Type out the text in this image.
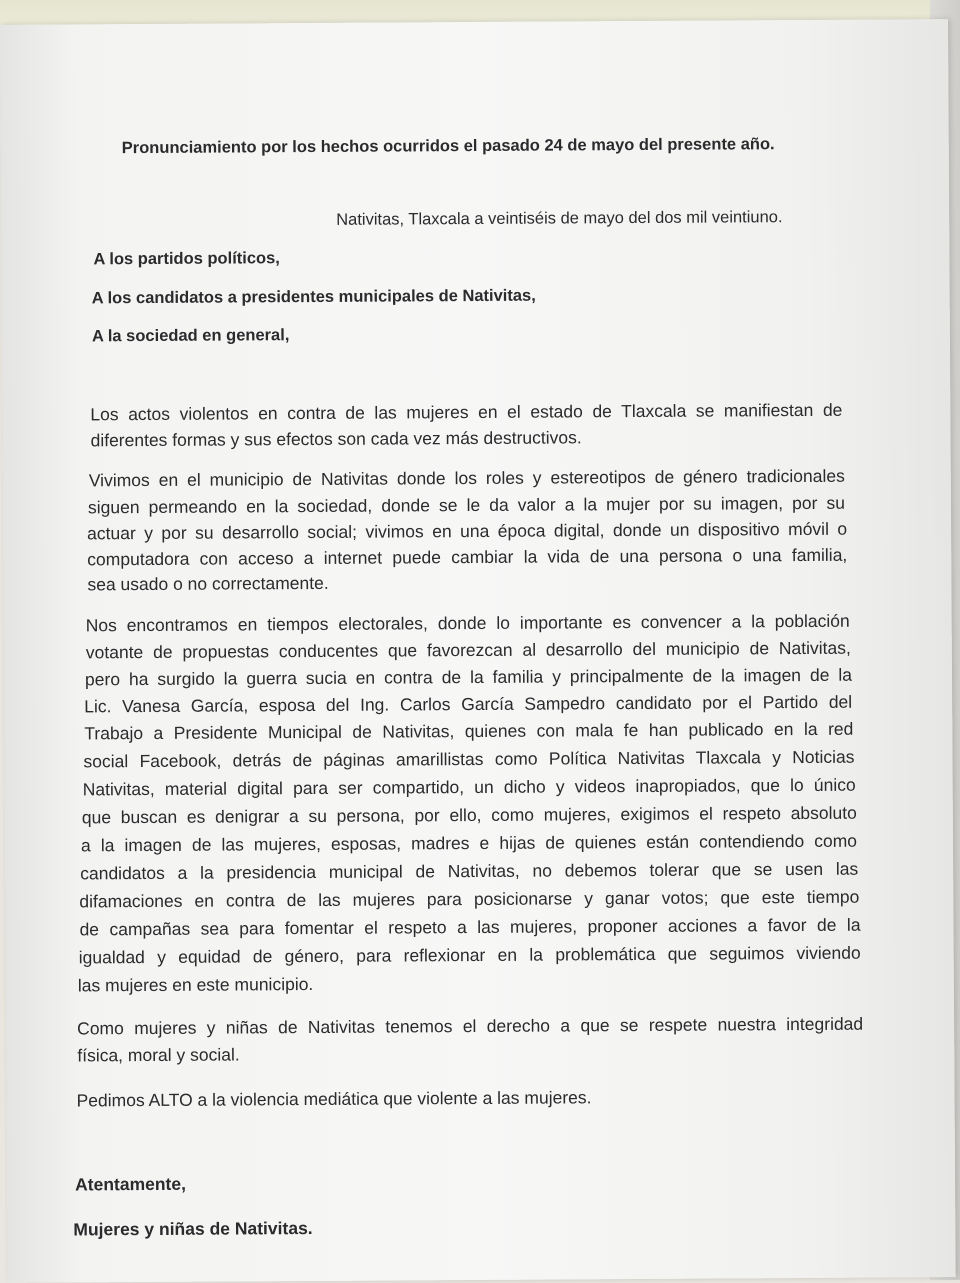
Pronunciamiento por los hechos ocurridos el pasado 24 de mayo del presente año.
Nativitas, Tlaxcala a veintiséis de mayo del dos mil veintiuno.
A los partidos políticos,
A los candidatos a presidentes municipales de Nativitas,
A la sociedad en general,
Los actos violentos en contra de las mujeres en el estado de Tlaxcala se manifiestan de
diferentes formas y sus efectos son cada vez más destructivos.
Vivimos en el municipio de Nativitas donde los roles y estereotipos de género tradicionales
siguen permeando en la sociedad, donde se le da valor a la mujer por su imagen, por su
actuar y por su desarrollo social; vivimos en una época digital, donde un dispositivo móvil o
computadora con acceso a internet puede cambiar la vida de una persona o una familia,
sea usado o no correctamente.
Nos encontramos en tiempos electorales, donde lo importante es convencer a la población
votante de propuestas conducentes que favorezcan al desarrollo del municipio de Nativitas,
pero ha surgido la guerra sucia en contra de la familia y principalmente de la imagen de la
Lic. Vanesa García, esposa del Ing. Carlos García Sampedro candidato por el Partido del
Trabajo a Presidente Municipal de Nativitas, quienes con mala fe han publicado en la red
social Facebook, detrás de páginas amarillistas como Política Nativitas Tlaxcala y Noticias
Nativitas, material digital para ser compartido, un dicho y videos inapropiados, que lo único
que buscan es denigrar a su persona, por ello, como mujeres, exigimos el respeto absoluto
a la imagen de las mujeres, esposas, madres e hijas de quienes están contendiendo como
candidatos a la presidencia municipal de Nativitas, no debemos tolerar que se usen las
difamaciones en contra de las mujeres para posicionarse y ganar votos; que este tiempo
de campañas sea para fomentar el respeto a las mujeres, proponer acciones a favor de la
igualdad y equidad de género, para reflexionar en la problemática que seguimos viviendo
las mujeres en este municipio.
Como mujeres y niñas de Nativitas tenemos el derecho a que se respete nuestra integridad
física, moral y social.
Pedimos ALTO a la violencia mediática que violente a las mujeres.
Atentamente,
Mujeres y niñas de Nativitas.
